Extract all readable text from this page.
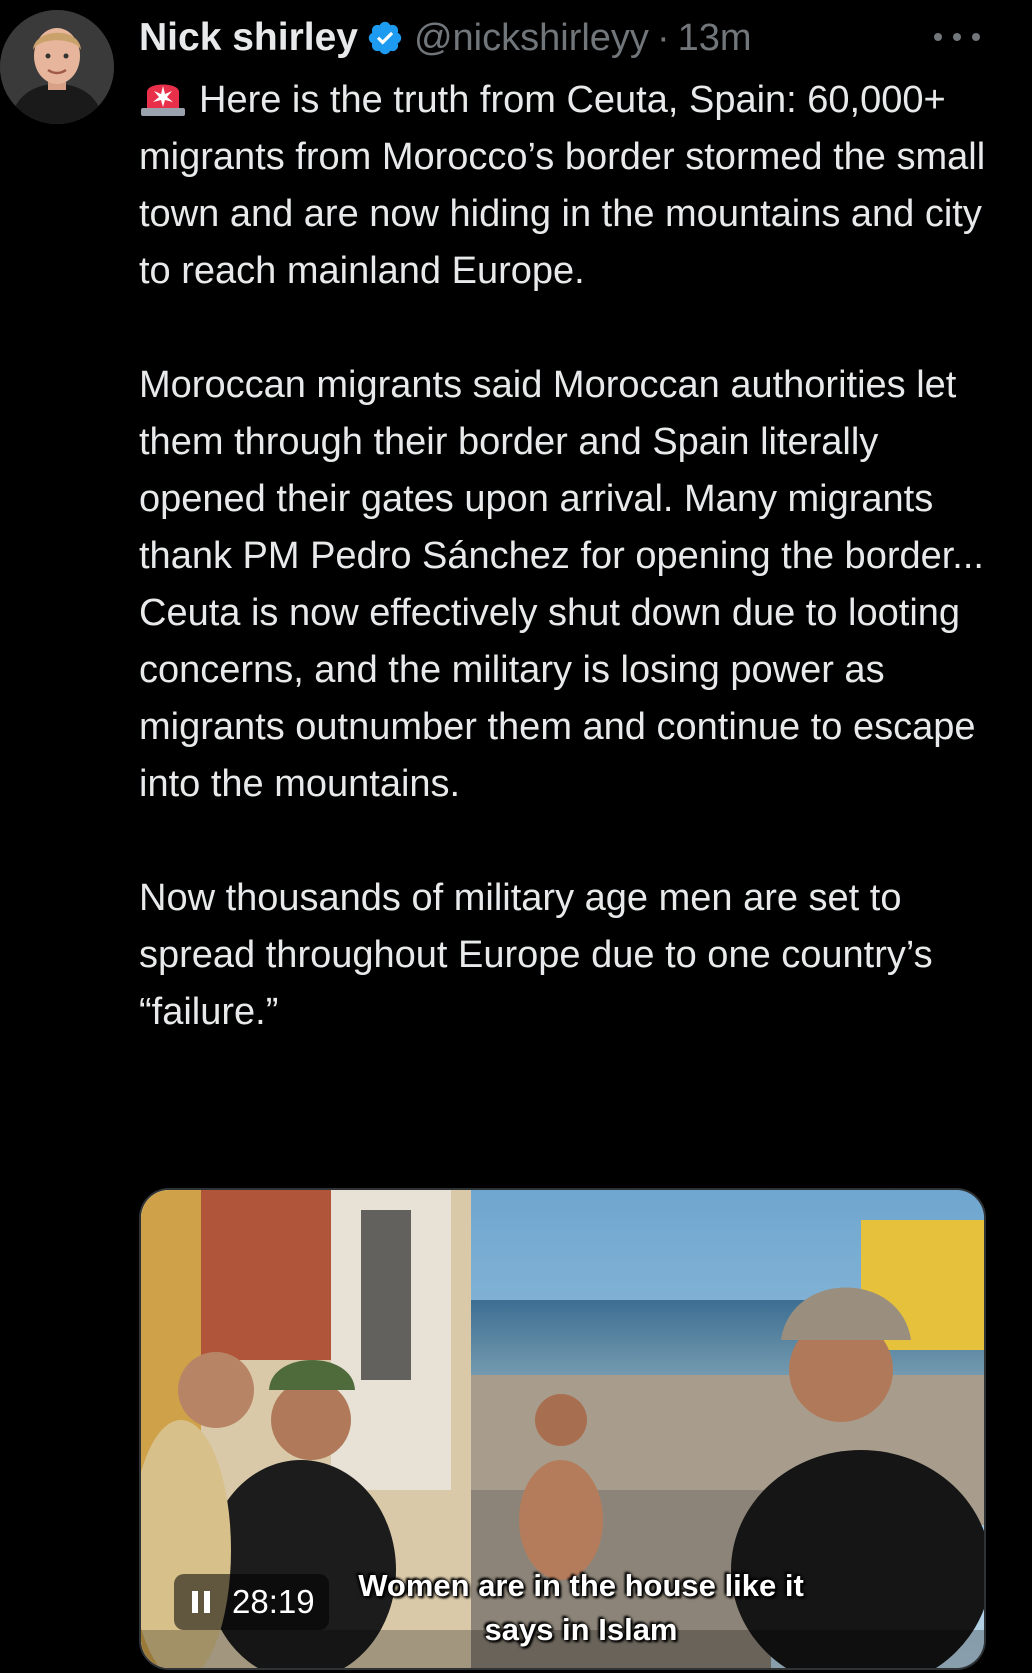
Nick shirley @nickshirleyy · 13m

Here is the truth from Ceuta, Spain: 60,000+ migrants from Morocco’s border stormed the small town and are now hiding in the mountains and city to reach mainland Europe.

Moroccan migrants said Moroccan authorities let them through their border and Spain literally opened their gates upon arrival. Many migrants thank PM Pedro Sánchez for opening the border... Ceuta is now effectively shut down due to looting concerns, and the military is losing power as migrants outnumber them and continue to escape into the mountains.

Now thousands of military age men are set to spread throughout Europe due to one country’s “failure.”

28:19	Women are in the house like it
says in Islam
